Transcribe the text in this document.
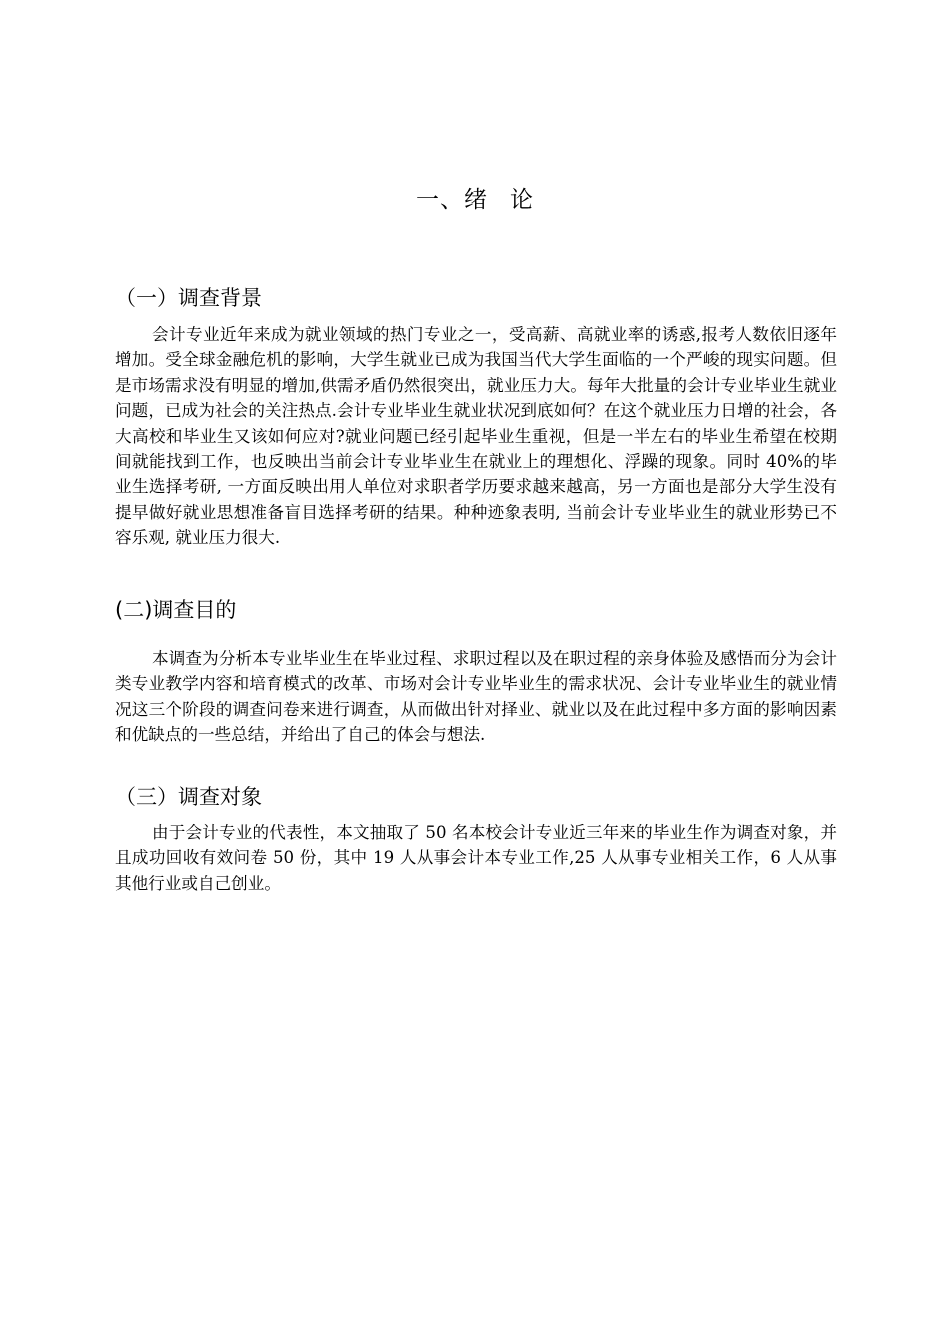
一、绪 论
（一）调查背景

会计专业近年来成为就业领域的热门专业之一，受高薪、高就业率的诱惑,报考人数依旧逐年增加。受全球金融危机的影响，大学生就业已成为我国当代大学生面临的一个严峻的现实问题。但是市场需求没有明显的增加,供需矛盾仍然很突出，就业压力大。每年大批量的会计专业毕业生就业问题，已成为社会的关注热点.会计专业毕业生就业状况到底如何？在这个就业压力日增的社会，各大高校和毕业生又该如何应对?就业问题已经引起毕业生重视，但是一半左右的毕业生希望在校期间就能找到工作，也反映出当前会计专业毕业生在就业上的理想化、浮躁的现象。同时 40%的毕业生选择考研, 一方面反映出用人单位对求职者学历要求越来越高，另一方面也是部分大学生没有提早做好就业思想准备盲目选择考研的结果。种种迹象表明, 当前会计专业毕业生的就业形势已不容乐观, 就业压力很大.

(二)调查目的

本调查为分析本专业毕业生在毕业过程、求职过程以及在职过程的亲身体验及感悟而分为会计类专业教学内容和培育模式的改革、市场对会计专业毕业生的需求状况、会计专业毕业生的就业情况这三个阶段的调查问卷来进行调查，从而做出针对择业、就业以及在此过程中多方面的影响因素和优缺点的一些总结，并给出了自己的体会与想法.

（三）调查对象

由于会计专业的代表性，本文抽取了 50 名本校会计专业近三年来的毕业生作为调查对象，并且成功回收有效问卷 50 份，其中 19 人从事会计本专业工作,25 人从事专业相关工作，6 人从事其他行业或自己创业。
